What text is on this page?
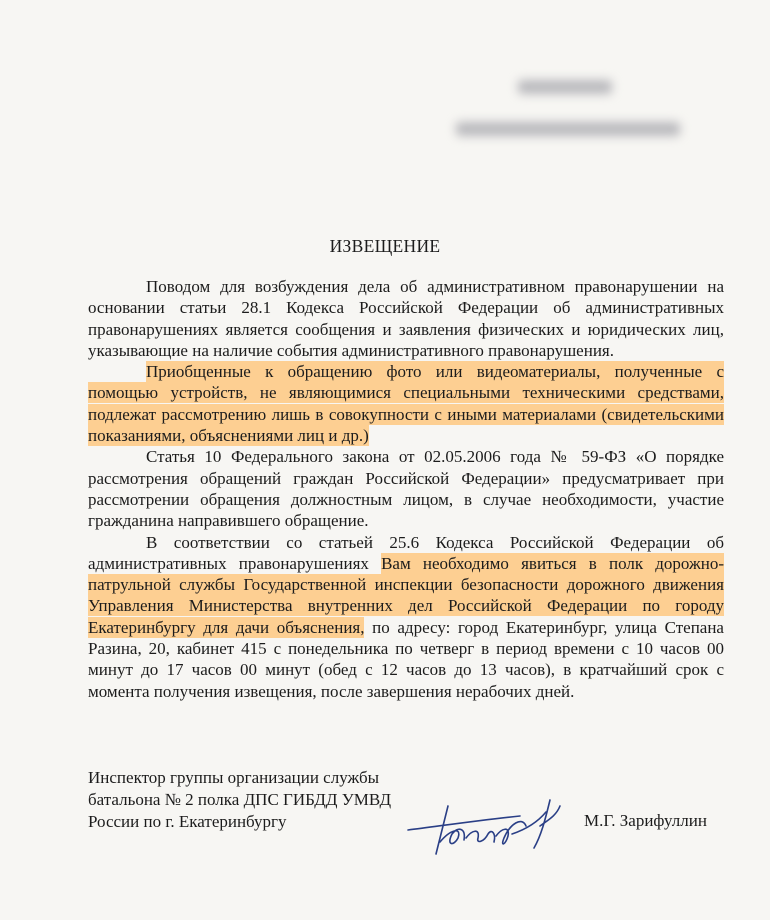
ИЗВЕЩЕНИЕ

Поводом для возбуждения дела об административном правонарушении на основании статьи 28.1 Кодекса Российской Федерации об административных правонарушениях является сообщения и заявления физических и юридических лиц, указывающие на наличие события административного правонарушения.

Приобщенные к обращению фото или видеоматериалы, полученные с помощью устройств, не являющимися специальными техническими средствами, подлежат рассмотрению лишь в совокупности с иными материалами (свидетельскими показаниями, объяснениями лиц и др.)

Статья 10 Федерального закона от 02.05.2006 года № 59-ФЗ «О порядке рассмотрения обращений граждан Российской Федерации» предусматривает при рассмотрении обращения должностным лицом, в случае необходимости, участие гражданина направившего обращение.

В соответствии со статьей 25.6 Кодекса Российской Федерации об административных правонарушениях Вам необходимо явиться в полк дорожно-патрульной службы Государственной инспекции безопасности дорожного движения Управления Министерства внутренних дел Российской Федерации по городу Екатеринбургу для дачи объяснения, по адресу: город Екатеринбург, улица Степана Разина, 20, кабинет 415 с понедельника по четверг в период времени с 10 часов 00 минут до 17 часов 00 минут (обед с 12 часов до 13 часов), в кратчайший срок с момента получения извещения, после завершения нерабочих дней.

Инспектор группы организации службы
батальона № 2 полка ДПС ГИБДД УМВД
России по г. Екатеринбургу	М.Г. Зарифуллин
